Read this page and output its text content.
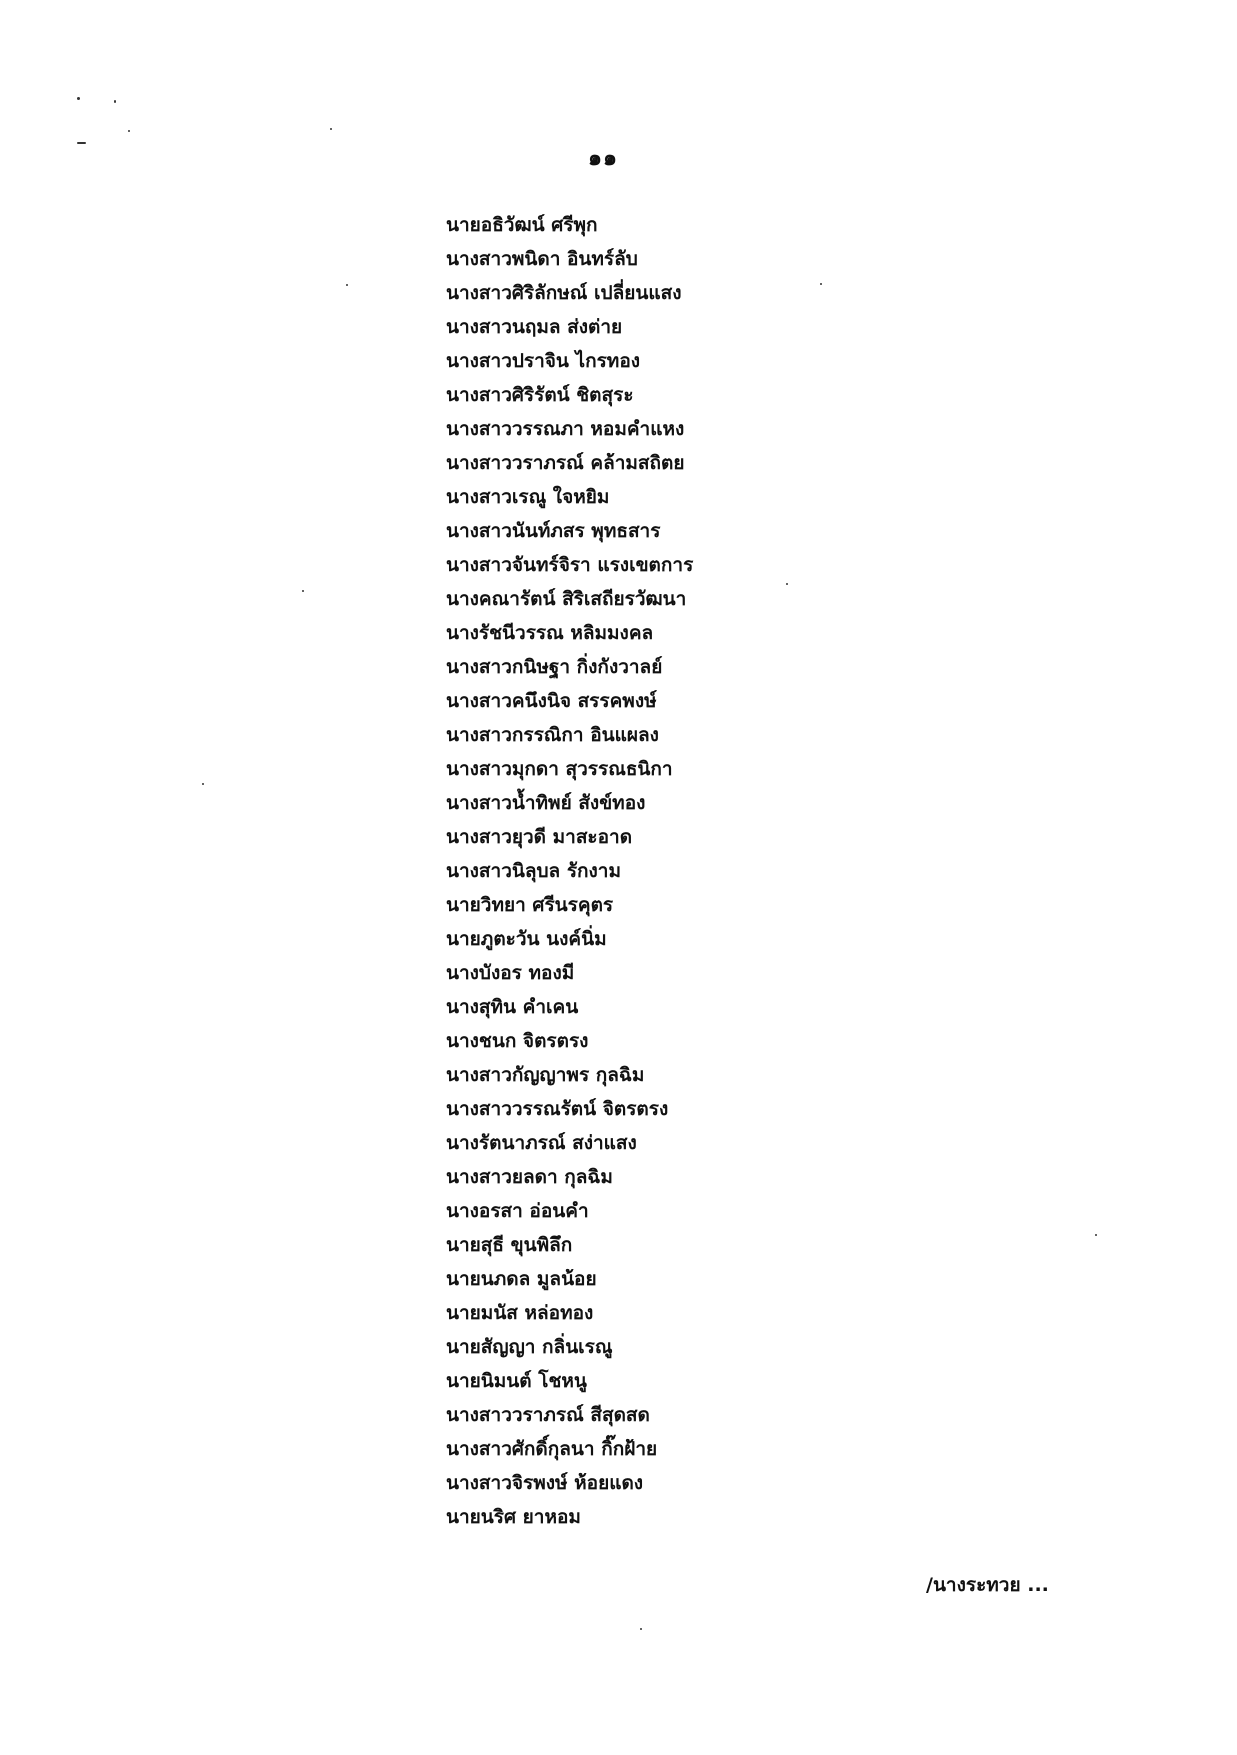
๑๑
นายอธิวัฒน์ ศรีพุก
นางสาวพนิดา อินทร์ลับ
นางสาวศิริลักษณ์ เปลี่ยนแสง
นางสาวนฤมล ส่งต่าย
นางสาวปราจิน ไกรทอง
นางสาวศิริรัตน์ ชิตสุระ
นางสาววรรณภา หอมคำแหง
นางสาววราภรณ์ คล้ามสถิตย
นางสาวเรณู ใจหยิม
นางสาวนันท์ภสร พุทธสาร
นางสาวจันทร์จิรา แรงเขตการ
นางคณารัตน์ สิริเสถียรวัฒนา
นางรัชนีวรรณ หลิมมงคล
นางสาวกนิษฐา กิ่งกังวาลย์
นางสาวคนึงนิจ สรรคพงษ์
นางสาวกรรณิกา อินแผลง
นางสาวมุกดา สุวรรณธนิกา
นางสาวน้ำทิพย์ สังข์ทอง
นางสาวยุวดี มาสะอาด
นางสาวนิลุบล รักงาม
นายวิทยา ศรีนรคุตร
นายภูตะวัน นงค์นิ่ม
นางบังอร ทองมี
นางสุทิน คำเคน
นางชนก จิตรตรง
นางสาวกัญญาพร กุลฉิม
นางสาววรรณรัตน์ จิตรตรง
นางรัตนาภรณ์ สง่าแสง
นางสาวยลดา กุลฉิม
นางอรสา อ่อนคำ
นายสุธี ขุนพิลึก
นายนภดล มูลน้อย
นายมนัส หล่อทอง
นายสัญญา กลิ่นเรณู
นายนิมนต์ โชหนู
นางสาววราภรณ์ สีสุดสด
นางสาวศักดิ์กุลนา กิ๊กฝ้าย
นางสาวจิรพงษ์ ห้อยแดง
นายนริศ ยาหอม
/นางระทวย ...
